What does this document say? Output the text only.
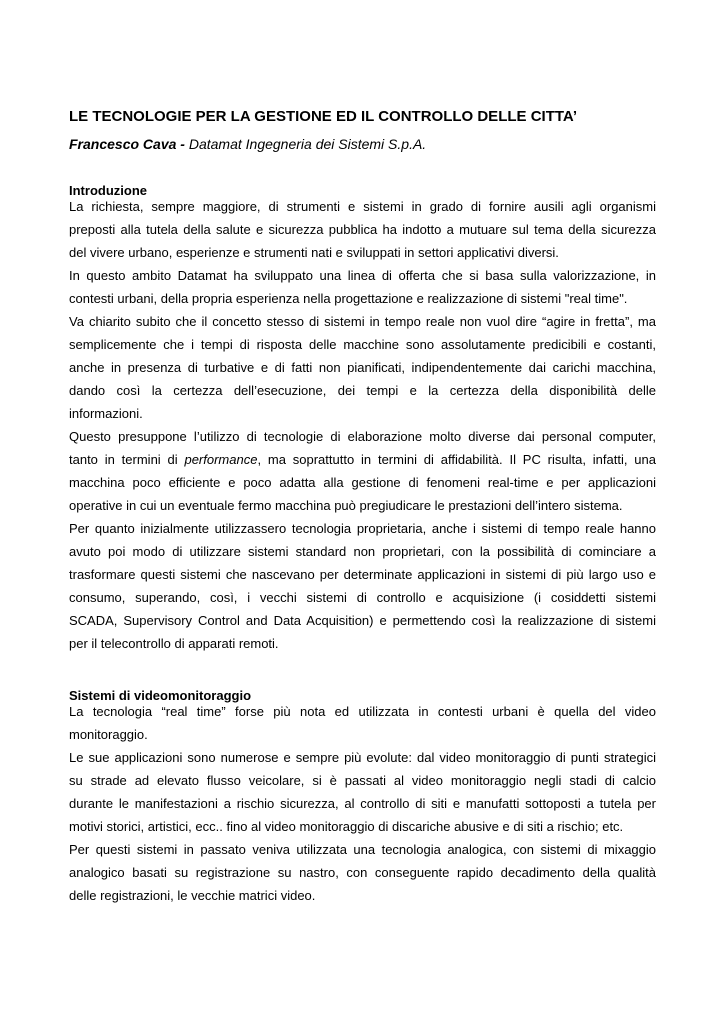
LE TECNOLOGIE PER LA GESTIONE ED IL CONTROLLO DELLE CITTA’

Francesco Cava - Datamat Ingegneria dei Sistemi S.p.A.

Introduzione

La richiesta, sempre maggiore, di strumenti e sistemi in grado di fornire ausili agli organismi
preposti alla tutela della salute e sicurezza pubblica ha indotto a mutuare sul tema della sicurezza
del vivere urbano, esperienze e strumenti nati e sviluppati in settori applicativi diversi.

In questo ambito Datamat ha sviluppato una linea di offerta che si basa sulla valorizzazione, in
contesti urbani, della propria esperienza nella progettazione e realizzazione di sistemi "real time".

Va chiarito subito che il concetto stesso di sistemi in tempo reale non vuol dire “agire in fretta”, ma
semplicemente che i tempi di risposta delle macchine sono assolutamente predicibili e costanti,
anche in presenza di turbative e di fatti non pianificati, indipendentemente dai carichi macchina,
dando così la certezza dell’esecuzione, dei tempi e la certezza della disponibilità delle
informazioni.

Questo presuppone l’utilizzo di tecnologie di elaborazione molto diverse dai personal computer,
tanto in termini di performance, ma soprattutto in termini di affidabilità. Il PC risulta, infatti, una
macchina poco efficiente e poco adatta alla gestione di fenomeni real-time e per applicazioni
operative in cui un eventuale fermo macchina può pregiudicare le prestazioni dell’intero sistema.

Per quanto inizialmente utilizzassero tecnologia proprietaria, anche i sistemi di tempo reale hanno
avuto poi modo di utilizzare sistemi standard non proprietari, con la possibilità di cominciare a
trasformare questi sistemi che nascevano per determinate applicazioni in sistemi di più largo uso e
consumo, superando, così, i vecchi sistemi di controllo e acquisizione (i cosiddetti sistemi
SCADA, Supervisory Control and Data Acquisition) e permettendo così la realizzazione di sistemi
per il telecontrollo di apparati remoti.

Sistemi di videomonitoraggio

La tecnologia “real time” forse più nota ed utilizzata in contesti urbani è quella del video
monitoraggio.

Le sue applicazioni sono numerose e sempre più evolute: dal video monitoraggio di punti strategici
su strade ad elevato flusso veicolare, si è passati al video monitoraggio negli stadi di calcio
durante le manifestazioni a rischio sicurezza, al controllo di siti e manufatti sottoposti a tutela per
motivi storici, artistici, ecc.. fino al video monitoraggio di discariche abusive e di siti a rischio; etc.

Per questi sistemi in passato veniva utilizzata una tecnologia analogica, con sistemi di mixaggio
analogico basati su registrazione su nastro, con conseguente rapido decadimento della qualità
delle registrazioni, le vecchie matrici video.
